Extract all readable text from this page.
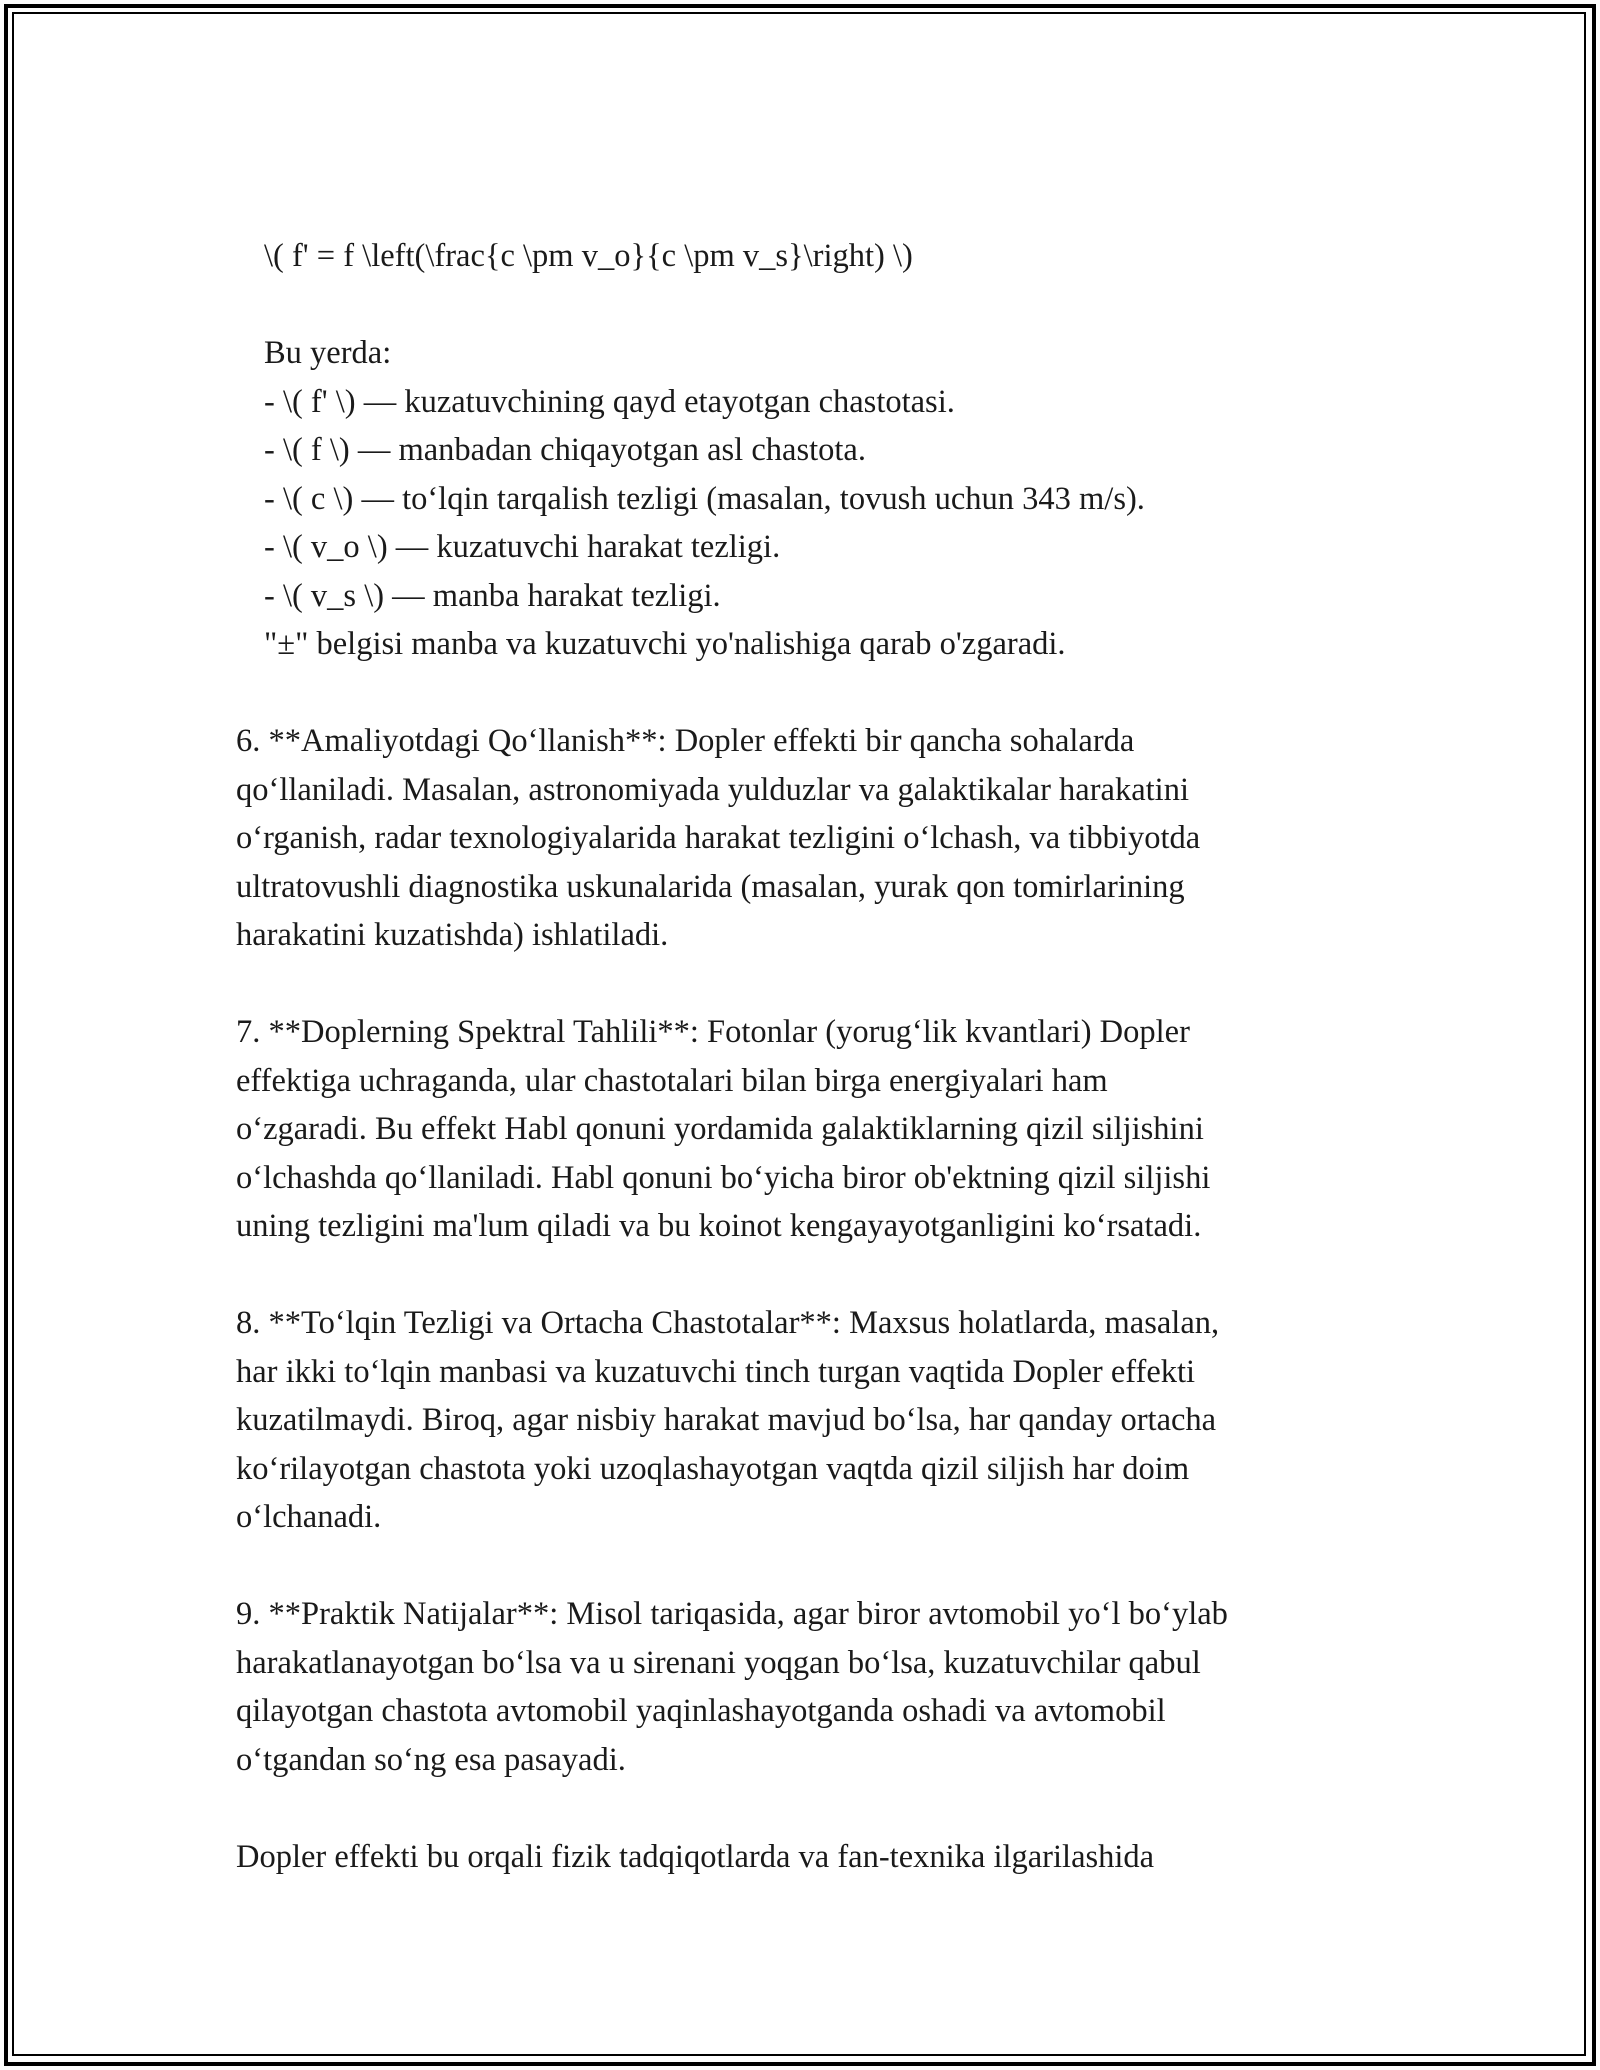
\( f' = f \left(\frac{c \pm v_o}{c \pm v_s}\right) \)
Bu yerda:
- \( f' \) — kuzatuvchining qayd etayotgan chastotasi.
- \( f \) — manbadan chiqayotgan asl chastota.
- \( c \) — toʻlqin tarqalish tezligi (masalan, tovush uchun 343 m/s).
- \( v_o \) — kuzatuvchi harakat tezligi.
- \( v_s \) — manba harakat tezligi.
"±" belgisi manba va kuzatuvchi yo'nalishiga qarab o'zgaradi.
6. **Amaliyotdagi Qoʻllanish**: Dopler effekti bir qancha sohalarda
qoʻllaniladi. Masalan, astronomiyada yulduzlar va galaktikalar harakatini
oʻrganish, radar texnologiyalarida harakat tezligini oʻlchash, va tibbiyotda
ultratovushli diagnostika uskunalarida (masalan, yurak qon tomirlarining
harakatini kuzatishda) ishlatiladi.
7. **Doplerning Spektral Tahlili**: Fotonlar (yorugʻlik kvantlari) Dopler
effektiga uchraganda, ular chastotalari bilan birga energiyalari ham
oʻzgaradi. Bu effekt Habl qonuni yordamida galaktiklarning qizil siljishini
oʻlchashda qoʻllaniladi. Habl qonuni boʻyicha biror ob'ektning qizil siljishi
uning tezligini ma'lum qiladi va bu koinot kengayayotganligini koʻrsatadi.
8. **Toʻlqin Tezligi va Ortacha Chastotalar**: Maxsus holatlarda, masalan,
har ikki toʻlqin manbasi va kuzatuvchi tinch turgan vaqtida Dopler effekti
kuzatilmaydi. Biroq, agar nisbiy harakat mavjud boʻlsa, har qanday ortacha
koʻrilayotgan chastota yoki uzoqlashayotgan vaqtda qizil siljish har doim
oʻlchanadi.
9. **Praktik Natijalar**: Misol tariqasida, agar biror avtomobil yoʻl boʻylab
harakatlanayotgan boʻlsa va u sirenani yoqgan boʻlsa, kuzatuvchilar qabul
qilayotgan chastota avtomobil yaqinlashayotganda oshadi va avtomobil
oʻtgandan soʻng esa pasayadi.
Dopler effekti bu orqali fizik tadqiqotlarda va fan-texnika ilgarilashida
